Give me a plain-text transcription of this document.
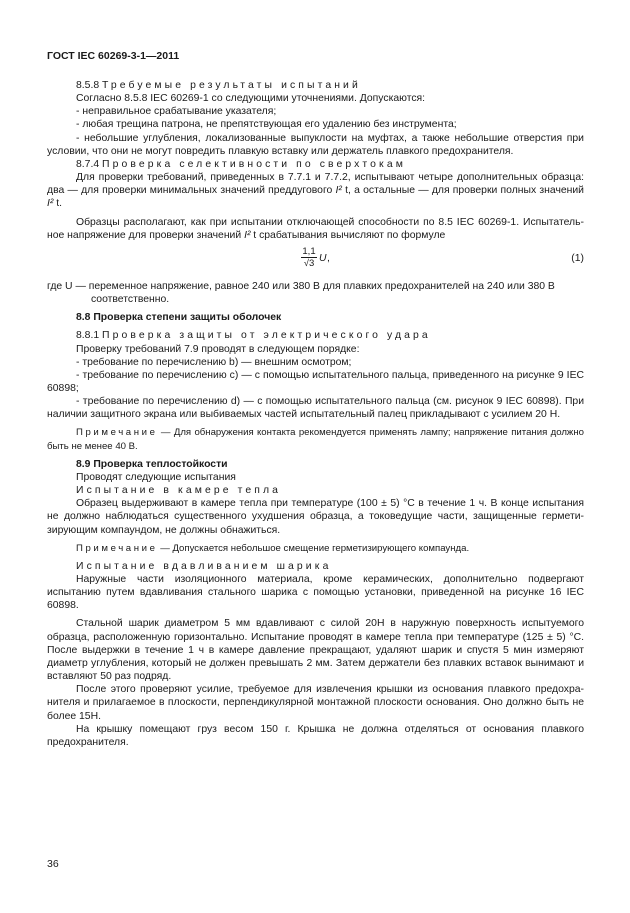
ГОСТ IEC 60269-3-1—2011

8.5.8 Требуемые результаты испытаний

Согласно 8.5.8 IEC 60269-1 со следующими уточнениями. Допускаются:

- неправильное срабатывание указателя;

- любая трещина патрона, не препятствующая его удалению без инструмента;

- небольшие углубления, локализованные выпуклости на муфтах, а также небольшие отверстия при условии, что они не могут повредить плавкую вставку или держатель плавкого предохранителя.

8.7.4 Проверка селективности по сверхтокам

Для проверки требований, приведенных в 7.7.1 и 7.7.2, испытывают четыре дополнительных образца: два — для проверки минимальных значений преддугового I² t, а остальные — для проверки полных значений I² t.

Образцы располагают, как при испытании отключающей способности по 8.5 IEC 60269-1. Испытательное напряжение для проверки значений I² t срабатывания вычисляют по формуле

$\frac{1,1}{√3}$ U ,	(1)

где U — переменное напряжение, равное 240 или 380 В для плавких предохранителей на 240 или 380 В соответственно.

8.8 Проверка степени защиты оболочек

8.8.1 Проверка защиты от электрического удара

Проверку требований 7.9 проводят в следующем порядке:

- требование по перечислению b) — внешним осмотром;

- требование по перечислению c) — с помощью испытательного пальца, приведенного на рисунке 9 IEC 60898;

- требование по перечислению d) — с помощью испытательного пальца (см. рисунок 9 IEC 60898). При наличии защитного экрана или выбиваемых частей испытательный палец прикладывают с усилием 20 Н.

Примечание — Для обнаружения контакта рекомендуется применять лампу; напряжение питания должно быть не менее 40 В.

8.9 Проверка теплостойкости

Проводят следующие испытания

Испытание в камере тепла

Образец выдерживают в камере тепла при температуре (100 ± 5) °С в течение 1 ч. В конце испытания не должно наблюдаться существенного ухудшения образца, а токоведущие части, защищенные герметизирующим компаундом, не должны обнажиться.

Примечание — Допускается небольшое смещение герметизирующего компаунда.

Испытание вдавливанием шарика

Наружные части изоляционного материала, кроме керамических, дополнительно подвергают испытанию путем вдавливания стального шарика с помощью установки, приведенной на рисунке 16 IEC 60898.

Стальной шарик диаметром 5 мм вдавливают с силой 20Н в наружную поверхность испытуемого образца, расположенную горизонтально. Испытание проводят в камере тепла при температуре (125 ± 5) °С. После выдержки в течение 1 ч в камере давление прекращают, удаляют шарик и спустя 5 мин измеряют диаметр углубления, который не должен превышать 2 мм. Затем держатели без плавких вставок вынимают и вставляют 50 раз подряд.

После этого проверяют усилие, требуемое для извлечения крышки из основания плавкого предохранителя и прилагаемое в плоскости, перпендикулярной монтажной плоскости основания. Оно должно быть не более 15Н.

На крышку помещают груз весом 150 г. Крышка не должна отделяться от основания плавкого предохранителя.

36
